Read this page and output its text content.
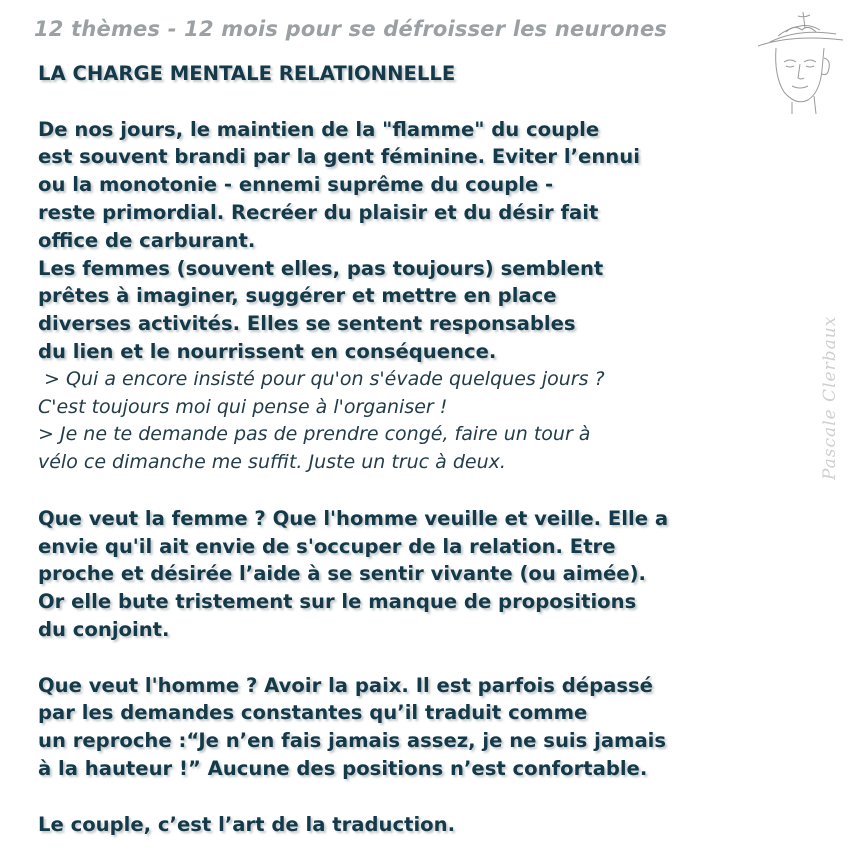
12 thèmes - 12 mois pour se défroisser les neurones
Pascale Clerbaux
LA CHARGE MENTALE RELATIONNELLE
De nos jours, le maintien de la "flamme" du couple
est souvent brandi par la gent féminine. Eviter l’ennui
ou la monotonie - ennemi suprême du couple -
reste primordial. Recréer du plaisir et du désir fait
office de carburant.
Les femmes (souvent elles, pas toujours) semblent
prêtes à imaginer, suggérer et mettre en place
diverses activités. Elles se sentent responsables
du lien et le nourrissent en conséquence.
> Qui a encore insisté pour qu'on s'évade quelques jours ?
C'est toujours moi qui pense à l'organiser !
> Je ne te demande pas de prendre congé, faire un tour à
vélo ce dimanche me suffit. Juste un truc à deux.
Que veut la femme ? Que l'homme veuille et veille. Elle a
envie qu'il ait envie de s'occuper de la relation. Etre
proche et désirée l’aide à se sentir vivante (ou aimée).
Or elle bute tristement sur le manque de propositions
du conjoint.
Que veut l'homme ? Avoir la paix. Il est parfois dépassé
par les demandes constantes qu’il traduit comme
un reproche :“Je n’en fais jamais assez, je ne suis jamais
à la hauteur !” Aucune des positions n’est confortable.
Le couple, c’est l’art de la traduction.
